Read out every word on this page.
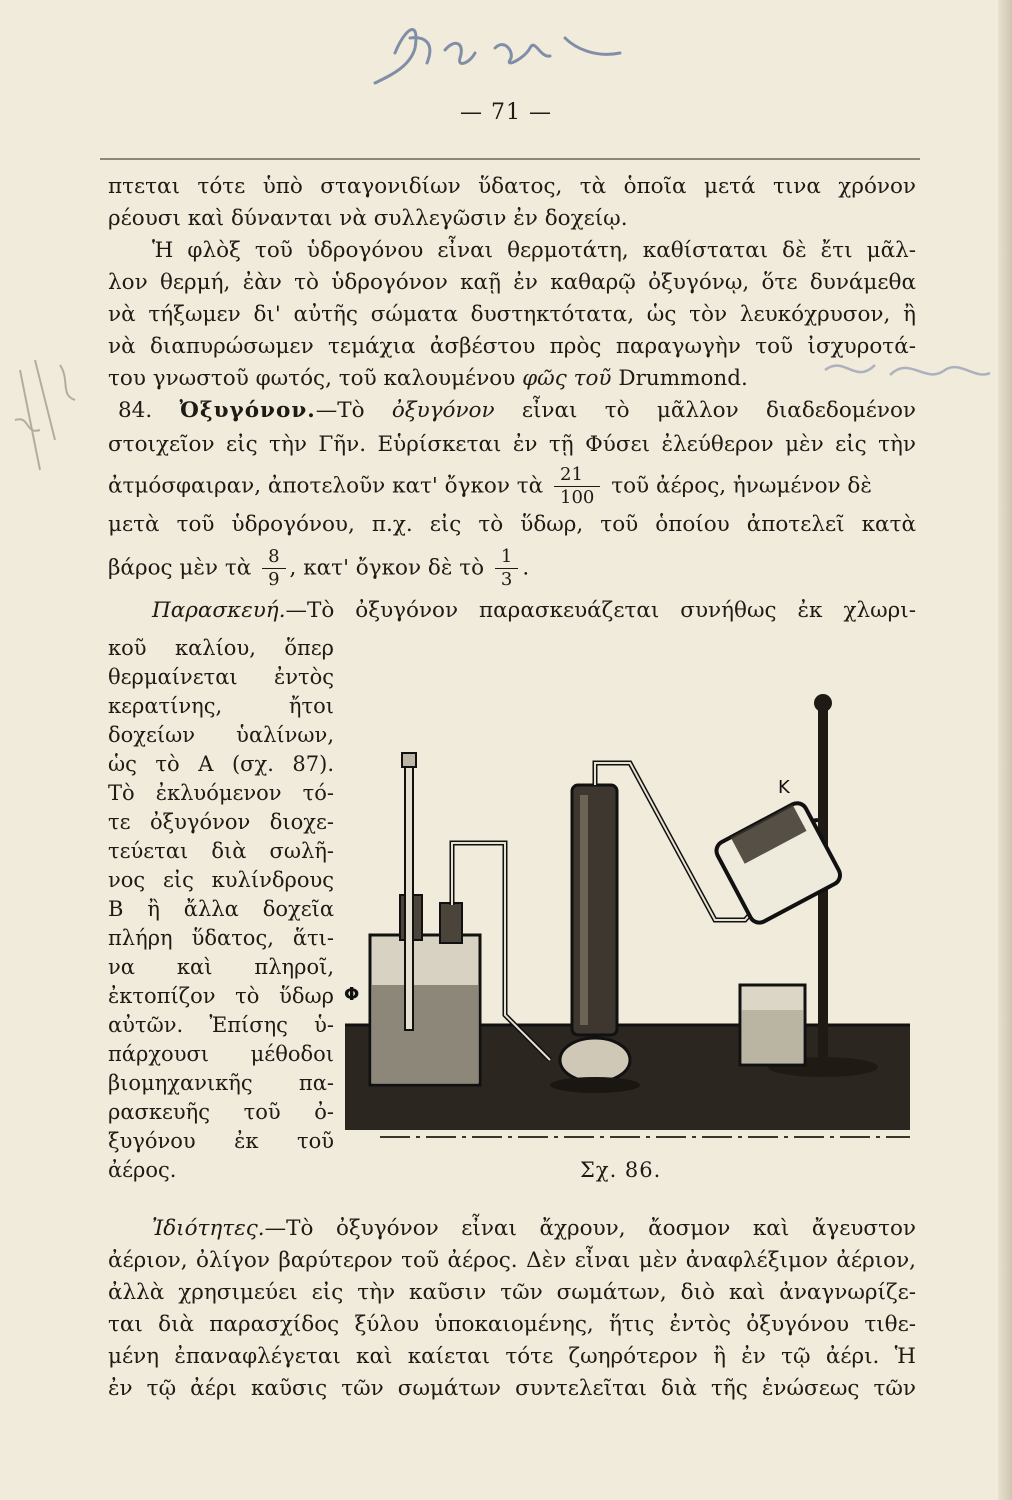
— 71 —
πτεται τότε ὑπὸ σταγονιδίων ὕδατος, τὰ ὁποῖα μετά τινα χρόνον
ρέουσι καὶ δύνανται νὰ συλλεγῶσιν ἐν δοχείῳ.
Ἡ φλὸξ τοῦ ὑδρογόνου εἶναι θερμοτάτη, καθίσταται δὲ ἔτι μᾶλ-
λον θερμή, ἐὰν τὸ ὑδρογόνον καῇ ἐν καθαρῷ ὀξυγόνῳ, ὅτε δυνάμεθα
νὰ τήξωμεν δι' αὐτῆς σώματα δυστηκτότατα, ὡς τὸν λευκόχρυσον, ἢ
νὰ διαπυρώσωμεν τεμάχια ἀσβέστου πρὸς παραγωγὴν τοῦ ἰσχυροτά-
του γνωστοῦ φωτός, τοῦ καλουμένου φῶς τοῦ Drummond.
84. Ὀξυγόνον.—Τὸ ὀξυγόνον εἶναι τὸ μᾶλλον διαδεδομένον
στοιχεῖον εἰς τὴν Γῆν. Εὑρίσκεται ἐν τῇ Φύσει ἐλεύθερον μὲν εἰς τὴν
ἀτμόσφαιραν, ἀποτελοῦν κατ' ὄγκον τὰ $\frac{21}{100}$ τοῦ ἀέρος, ἡνωμένον δὲ
μετὰ τοῦ ὑδρογόνου, π.χ. εἰς τὸ ὕδωρ, τοῦ ὁποίου ἀποτελεῖ κατὰ
βάρος μὲν τὰ $\frac{8}{9}$ , κατ' ὄγκον δὲ τὸ $\frac{1}{3}$ .
Παρασκευή.—Τὸ ὀξυγόνον παρασκευάζεται συνήθως ἐκ χλωρι-
κοῦ καλίου, ὅπερ
θερμαίνεται ἐντὸς
κερατίνης, ἤτοι
δοχείων ὑαλίνων,
ὡς τὸ Α (σχ. 87).
Τὸ ἐκλυόμενον τό-
τε ὀξυγόνον διοχε-
τεύεται διὰ σωλῆ-
νος εἰς κυλίνδρους
Β ἢ ἄλλα δοχεῖα
πλήρη ὕδατος, ἅτι-
να καὶ πληροῖ,
ἐκτοπίζον τὸ ὕδωρ
αὐτῶν. Ἐπίσης ὑ-
πάρχουσι μέθοδοι
βιομηχανικῆς πα-
ρασκευῆς τοῦ ὀ-
ξυγόνου ἐκ τοῦ
ἀέρος.
K
Φ
Σχ. 86.
Ἰδιότητες.—Τὸ ὀξυγόνον εἶναι ἄχρουν, ἄοσμον καὶ ἄγευστον
ἀέριον, ὀλίγον βαρύτερον τοῦ ἀέρος. Δὲν εἶναι μὲν ἀναφλέξιμον ἀέριον,
ἀλλὰ χρησιμεύει εἰς τὴν καῦσιν τῶν σωμάτων, διὸ καὶ ἀναγνωρίζε-
ται διὰ παρασχίδος ξύλου ὑποκαιομένης, ἥτις ἐντὸς ὀξυγόνου τιθε-
μένη ἐπαναφλέγεται καὶ καίεται τότε ζωηρότερον ἢ ἐν τῷ ἀέρι. Ἡ
ἐν τῷ ἀέρι καῦσις τῶν σωμάτων συντελεῖται διὰ τῆς ἑνώσεως τῶν
